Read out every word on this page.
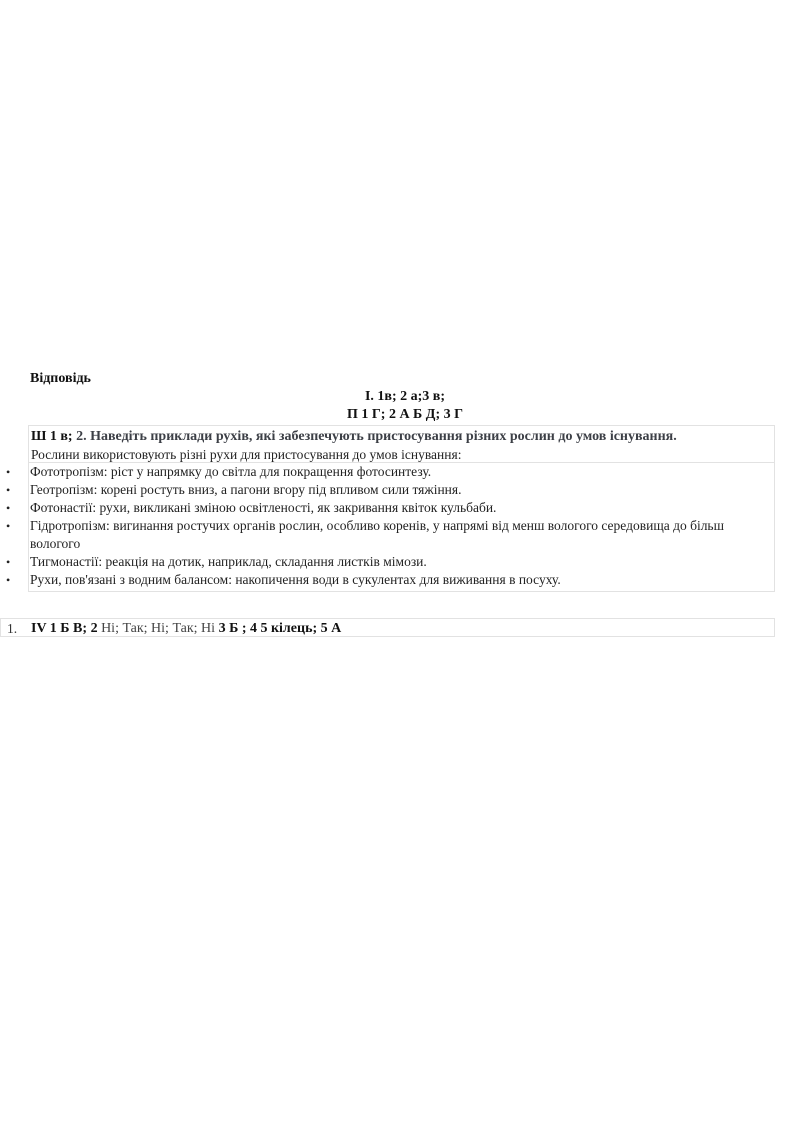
Відповідь
І. 1в; 2 а;3 в;
П 1 Г; 2 А Б Д; 3 Г
Ш 1 в; 2. Наведіть приклади рухів, які забезпечують пристосування різних рослин до умов існування.
Рослини використовують різні рухи для пристосування до умов існування:
• Фототропізм: ріст у напрямку до світла для покращення фотосинтезу.
• Геотропізм: корені ростуть вниз, а пагони вгору під впливом сили тяжіння.
• Фотонастії: рухи, викликані зміною освітленості, як закривання квіток кульбаби.
• Гідротропізм: вигинання ростучих органів рослин, особливо коренів, у напрямі від менш вологого середовища до більш вологого
• Тигмонастії: реакція на дотик, наприклад, складання листків мімози.
• Рухи, пов'язані з водним балансом: накопичення води в сукулентах для виживання в посуху.
1. IV 1 Б В; 2 Ні; Так; Ні; Так; Ні 3 Б ; 4 5 кілець; 5 А
